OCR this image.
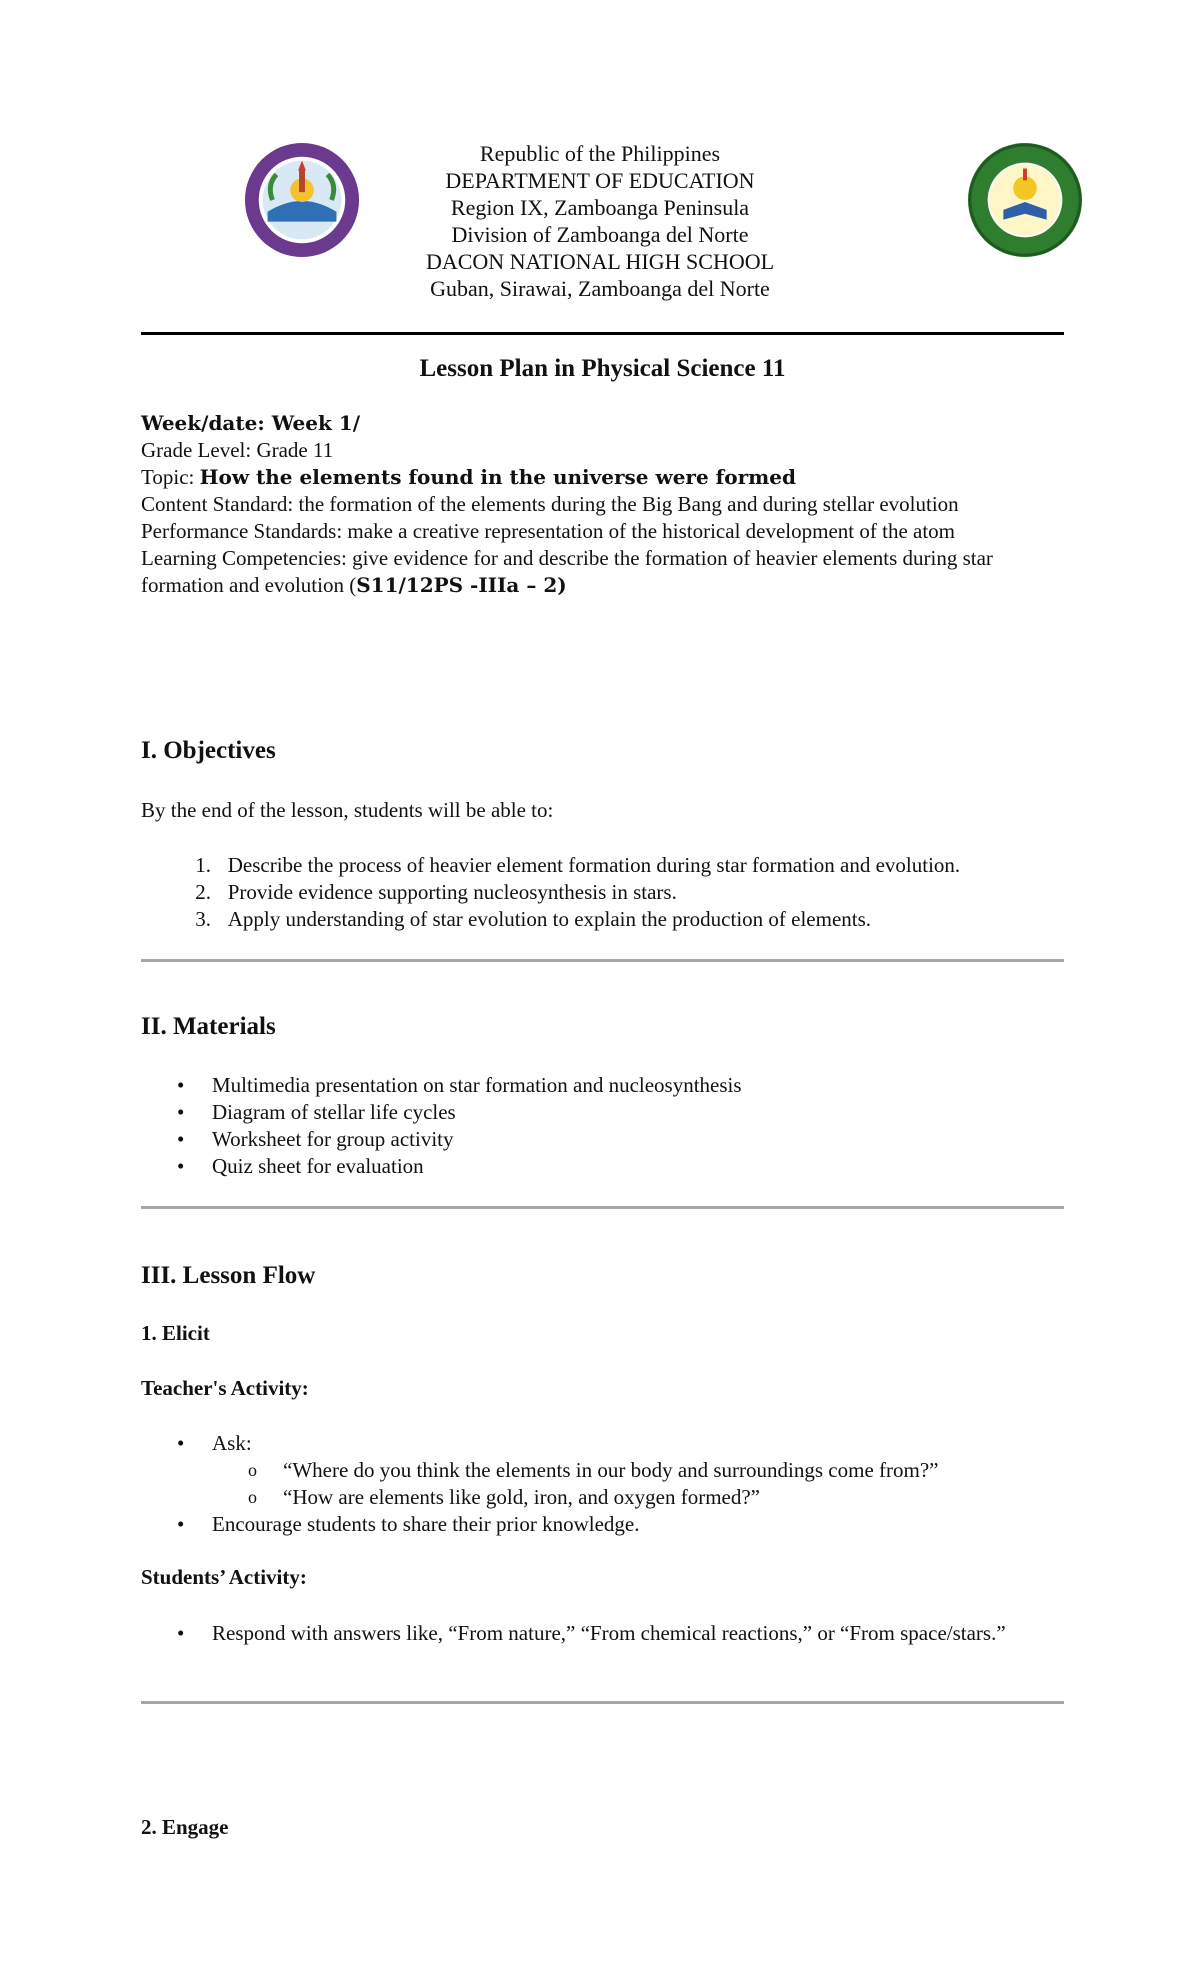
Republic of the Philippines
DEPARTMENT OF EDUCATION
Region IX, Zamboanga Peninsula
Division of Zamboanga del Norte
DACON NATIONAL HIGH SCHOOL
Guban, Sirawai, Zamboanga del Norte
Lesson Plan in Physical Science 11
Week/date: Week 1/
Grade Level: Grade 11
Topic: How the elements found in the universe were formed
Content Standard: the formation of the elements during the Big Bang and during stellar evolution
Performance Standards: make a creative representation of the historical development of the atom
Learning Competencies: give evidence for and describe the formation of heavier elements during star formation and evolution (S11/12PS -IIIa – 2)
I. Objectives
By the end of the lesson, students will be able to:
1.
Describe the process of heavier element formation during star formation and evolution.
2.
Provide evidence supporting nucleosynthesis in stars.
3.
Apply understanding of star evolution to explain the production of elements.
II. Materials
•	Multimedia presentation on star formation and nucleosynthesis
•	Diagram of stellar life cycles
•	Worksheet for group activity
•	Quiz sheet for evaluation
III. Lesson Flow
1. Elicit
Teacher's Activity:
•	Ask:
o	“Where do you think the elements in our body and surroundings come from?”
o	“How are elements like gold, iron, and oxygen formed?”
•	Encourage students to share their prior knowledge.
Students’ Activity:
•	Respond with answers like, “From nature,” “From chemical reactions,” or “From space/stars.”
2. Engage
